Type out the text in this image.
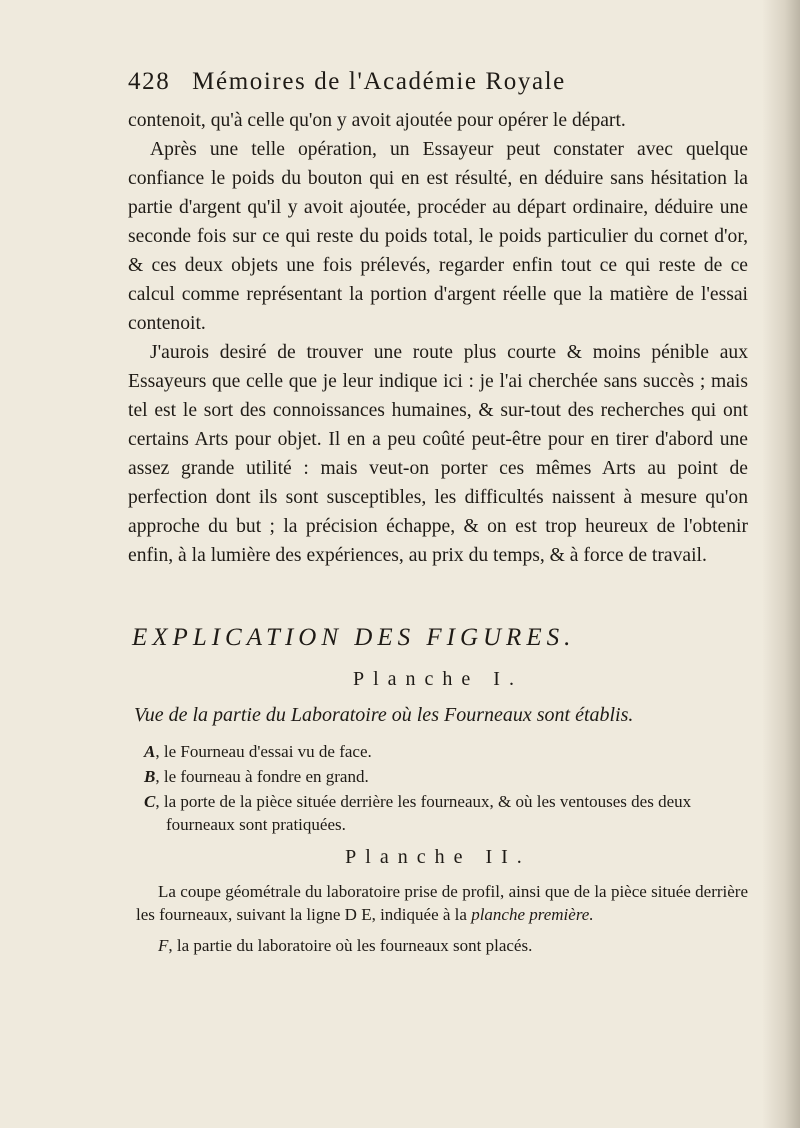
428 Mémoires de l'Académie Royale

contenoit, qu'à celle qu'on y avoit ajoutée pour opérer le départ.

Après une telle opération, un Essayeur peut constater avec quelque confiance le poids du bouton qui en est résulté, en déduire sans hésitation la partie d'argent qu'il y avoit ajoutée, procéder au départ ordinaire, déduire une seconde fois sur ce qui reste du poids total, le poids particulier du cornet d'or, & ces deux objets une fois prélevés, regarder enfin tout ce qui reste de ce calcul comme représentant la portion d'argent réelle que la matière de l'essai contenoit.

J'aurois desiré de trouver une route plus courte & moins pénible aux Essayeurs que celle que je leur indique ici : je l'ai cherchée sans succès ; mais tel est le sort des connoissances humaines, & sur-tout des recherches qui ont certains Arts pour objet. Il en a peu coûté peut-être pour en tirer d'abord une assez grande utilité : mais veut-on porter ces mêmes Arts au point de perfection dont ils sont susceptibles, les difficultés naissent à mesure qu'on approche du but ; la précision échappe, & on est trop heureux de l'obtenir enfin, à la lumière des expériences, au prix du temps, & à force de travail.

EXPLICATION DES FIGURES.
Planche I.
Vue de la partie du Laboratoire où les Fourneaux sont établis.
A, le Fourneau d'essai vu de face.
B, le fourneau à fondre en grand.
C, la porte de la pièce située derrière les fourneaux, & où les ventouses des deux fourneaux sont pratiquées.
Planche II.
La coupe géométrale du laboratoire prise de profil, ainsi que de la pièce située derrière les fourneaux, suivant la ligne D E, indiquée à la planche première.
F, la partie du laboratoire où les fourneaux sont placés.
